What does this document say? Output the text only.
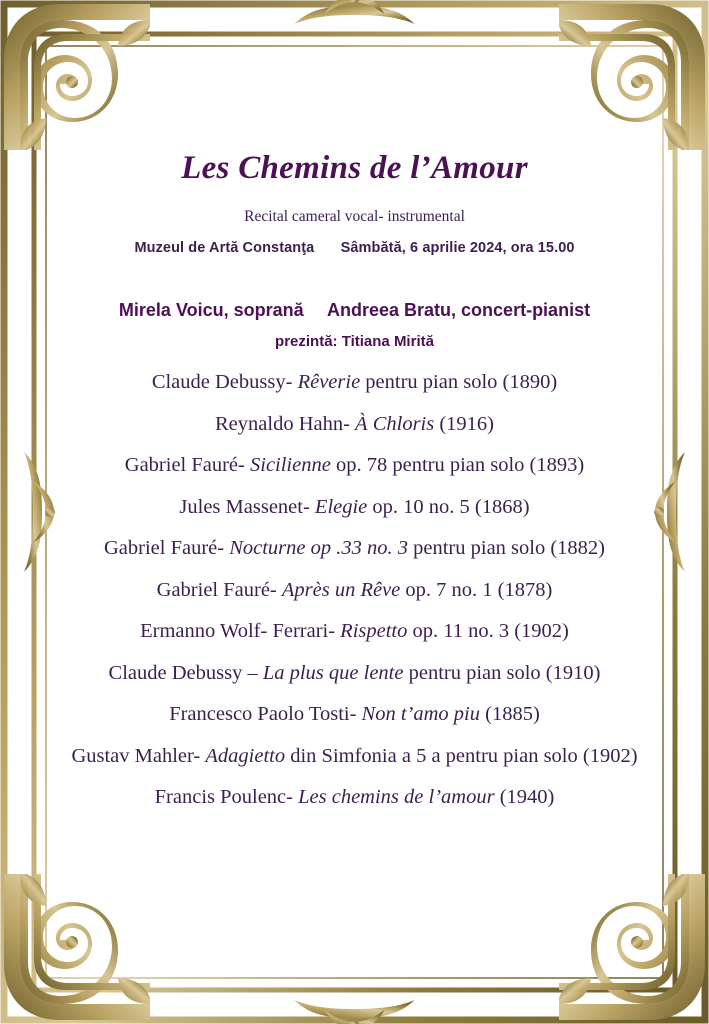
Les Chemins de l’Amour
Recital cameral vocal- instrumental
Muzeul de Artă Constanţa Sâmbătă, 6 aprilie 2024, ora 15.00
Mirela Voicu, soprană Andreea Bratu, concert-pianist
prezintă: Titiana Mirită
Claude Debussy- Rêverie pentru pian solo (1890)
Reynaldo Hahn- À Chloris (1916)
Gabriel Fauré- Sicilienne op. 78 pentru pian solo (1893)
Jules Massenet- Elegie op. 10 no. 5 (1868)
Gabriel Fauré- Nocturne op .33 no. 3 pentru pian solo (1882)
Gabriel Fauré- Après un Rêve op. 7 no. 1 (1878)
Ermanno Wolf- Ferrari- Rispetto op. 11 no. 3 (1902)
Claude Debussy – La plus que lente pentru pian solo (1910)
Francesco Paolo Tosti- Non t’amo piu (1885)
Gustav Mahler- Adagietto din Simfonia a 5 a pentru pian solo (1902)
Francis Poulenc- Les chemins de l’amour (1940)
